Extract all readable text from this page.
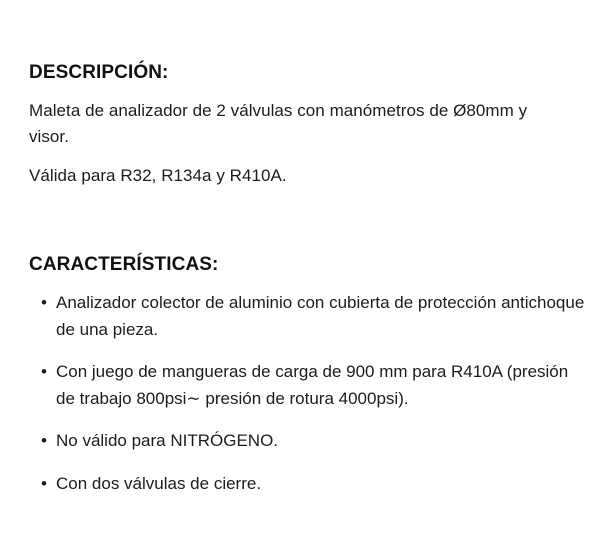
DESCRIPCIÓN:

Maleta de analizador de 2 válvulas con manómetros de Ø80mm y visor.

Válida para R32, R134a y R410A.

CARACTERÍSTICAS:
• Analizador colector de aluminio con cubierta de protección antichoque de una pieza.
• Con juego de mangueras de carga de 900 mm para R410A (presión de trabajo 800psi∼ presión de rotura 4000psi).
• No válido para NITRÓGENO.
• Con dos válvulas de cierre.
